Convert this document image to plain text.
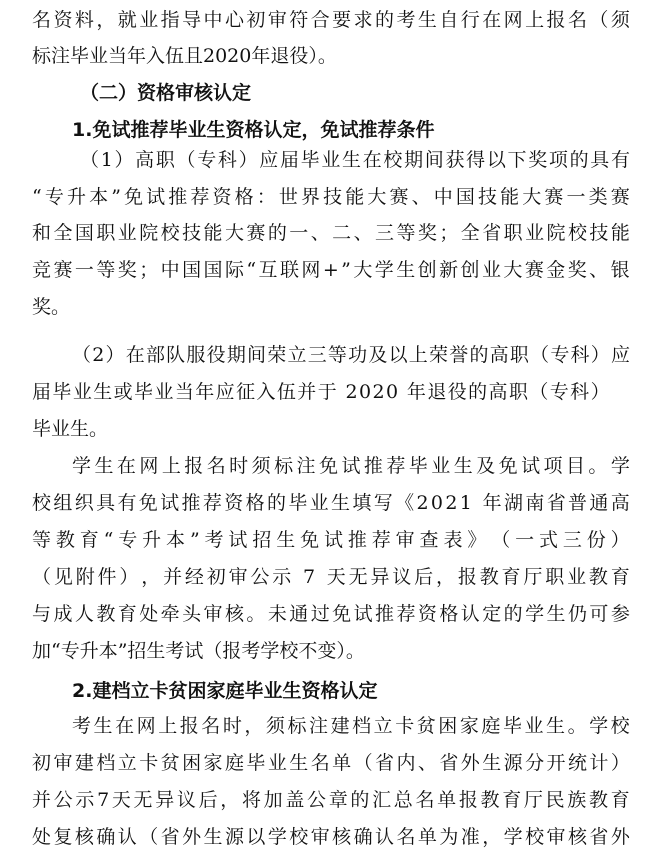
名 资 料 ， 就 业 指 导 中 心 初 审 符 合 要 求 的 考 生 自 行 在 网 上 报 名 （ 须
标注毕业当年入伍且2020年退役）。
（二）资格审核认定
1.免试推荐毕业生资格认定，免试推荐条件
（ 1 ） 高 职 （ 专 科 ） 应 届 毕 业 生 在 校 期 间 获 得 以 下 奖 项 的 具 有
“ 专 升 本 ” 免 试 推 荐 资 格 ： 世 界 技 能 大 赛 、 中 国 技 能 大 赛 一 类 赛
和 全 国 职 业 院 校 技 能 大 赛 的 一 、 二 、 三 等 奖 ； 全 省 职 业 院 校 技 能
竞 赛 一 等 奖 ； 中 国 国 际 “ 互 联 网 + ” 大 学 生 创 新 创 业 大 赛 金 奖 、 银
奖。
（ 2 ） 在 部 队 服 役 期 间 荣 立 三 等 功 及 以 上 荣 誉 的 高 职 （ 专 科 ） 应
届 毕 业 生 或 毕 业 当 年 应 征 入 伍 并 于
2 0 2 0
年 退 役 的 高 职 （ 专 科 ）
毕业生。
学 生 在 网 上 报 名 时 须 标 注 免 试 推 荐 毕 业 生 及 免 试 项 目 。 学
校 组 织 具 有 免 试 推 荐 资 格 的 毕 业 生 填 写 《 2 0 2 1
年 湖 南 省 普 通 高
等 教 育 “ 专 升 本 ” 考 试 招 生 免 试 推 荐 审 查 表 》 （ 一 式 三 份 ）
（ 见 附 件 ） ， 并 经 初 审 公 示
7
天 无 异 议 后 ， 报 教 育 厅 职 业 教 育
与 成 人 教 育 处 牵 头 审 核 。 未 通 过 免 试 推 荐 资 格 认 定 的 学 生 仍 可 参
加“专升本”招生考试（报考学校不变）。
2.建档立卡贫困家庭毕业生资格认定
考 生 在 网 上 报 名 时 ， 须 标 注 建 档 立 卡 贫 困 家 庭 毕 业 生 。 学 校
初 审 建 档 立 卡 贫 困 家 庭 毕 业 生 名 单 （ 省 内 、 省 外 生 源 分 开 统 计 ）
并 公 示 7 天 无 异 议 后 ， 将 加 盖 公 章 的 汇 总 名 单 报 教 育 厅 民 族 教 育
处 复 核 确 认 （ 省 外 生 源 以 学 校 审 核 确 认 名 单 为 准 ， 学 校 审 核 省 外
